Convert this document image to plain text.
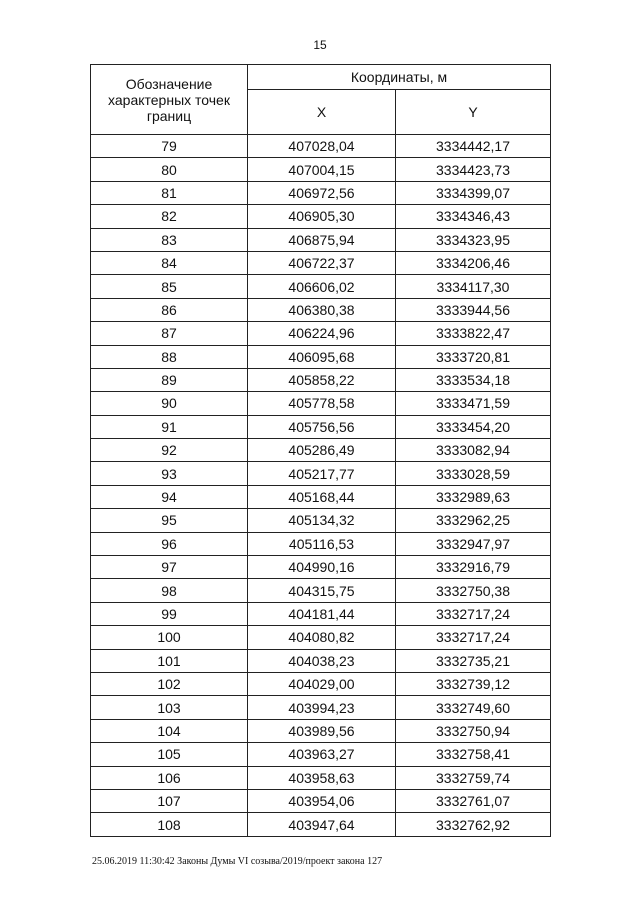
15
Обозначение характерных точек границ	Координаты, м	
	X	Y
79	407028,04	3334442,17
80	407004,15	3334423,73
81	406972,56	3334399,07
82	406905,30	3334346,43
83	406875,94	3334323,95
84	406722,37	3334206,46
85	406606,02	3334117,30
86	406380,38	3333944,56
87	406224,96	3333822,47
88	406095,68	3333720,81
89	405858,22	3333534,18
90	405778,58	3333471,59
91	405756,56	3333454,20
92	405286,49	3333082,94
93	405217,77	3333028,59
94	405168,44	3332989,63
95	405134,32	3332962,25
96	405116,53	3332947,97
97	404990,16	3332916,79
98	404315,75	3332750,38
99	404181,44	3332717,24
100	404080,82	3332717,24
101	404038,23	3332735,21
102	404029,00	3332739,12
103	403994,23	3332749,60
104	403989,56	3332750,94
105	403963,27	3332758,41
106	403958,63	3332759,74
107	403954,06	3332761,07
108	403947,64	3332762,92
25.06.2019 11:30:42 Законы Думы VI созыва/2019/проект закона 127
